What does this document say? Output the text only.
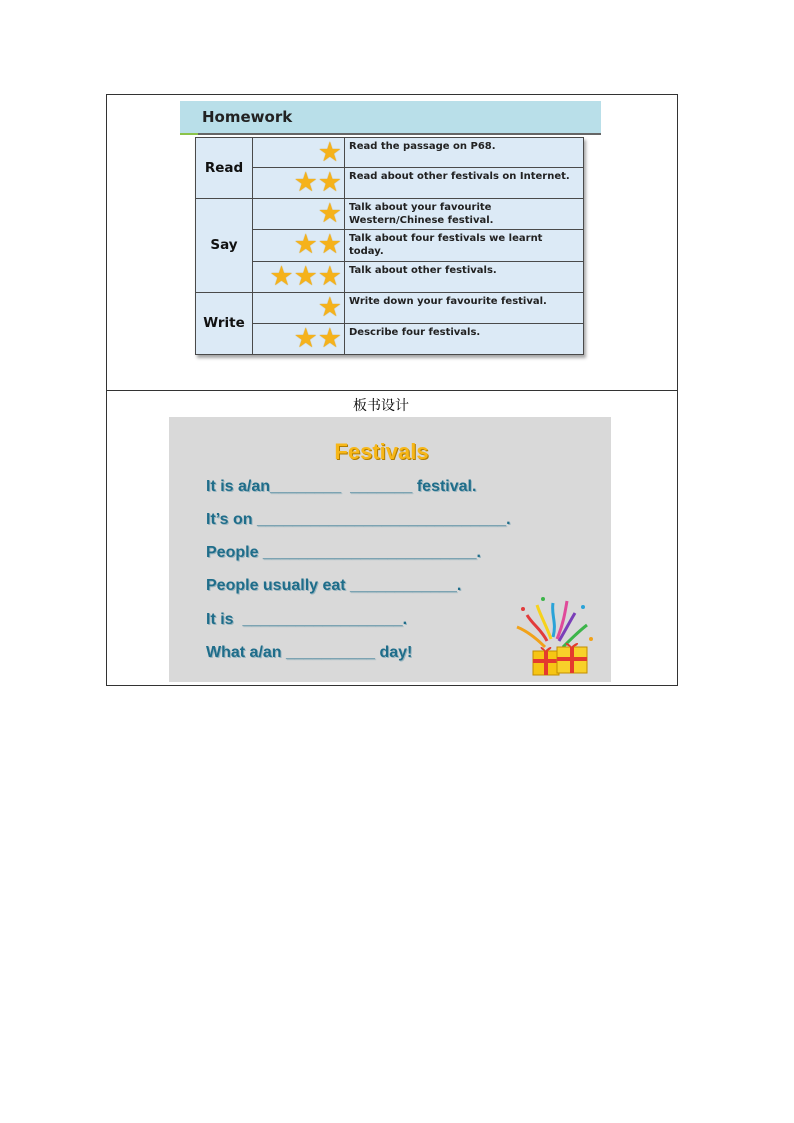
Homework
Read	★	Read the passage on P68.
	★★	Read about other festivals on Internet.
Say	★	Talk about your favourite Western/Chinese festival.
	★★	Talk about four festivals we learnt today.
	★★★	Talk about other festivals.
Write	★	Write down your favourite festival.
	★★	Describe four festivals.
板书设计
Festivals
It is a/an________  _______ festival.
It’s on ____________________________.
People ________________________.
People usually eat ____________.
It is  __________________.
What a/an __________ day!
